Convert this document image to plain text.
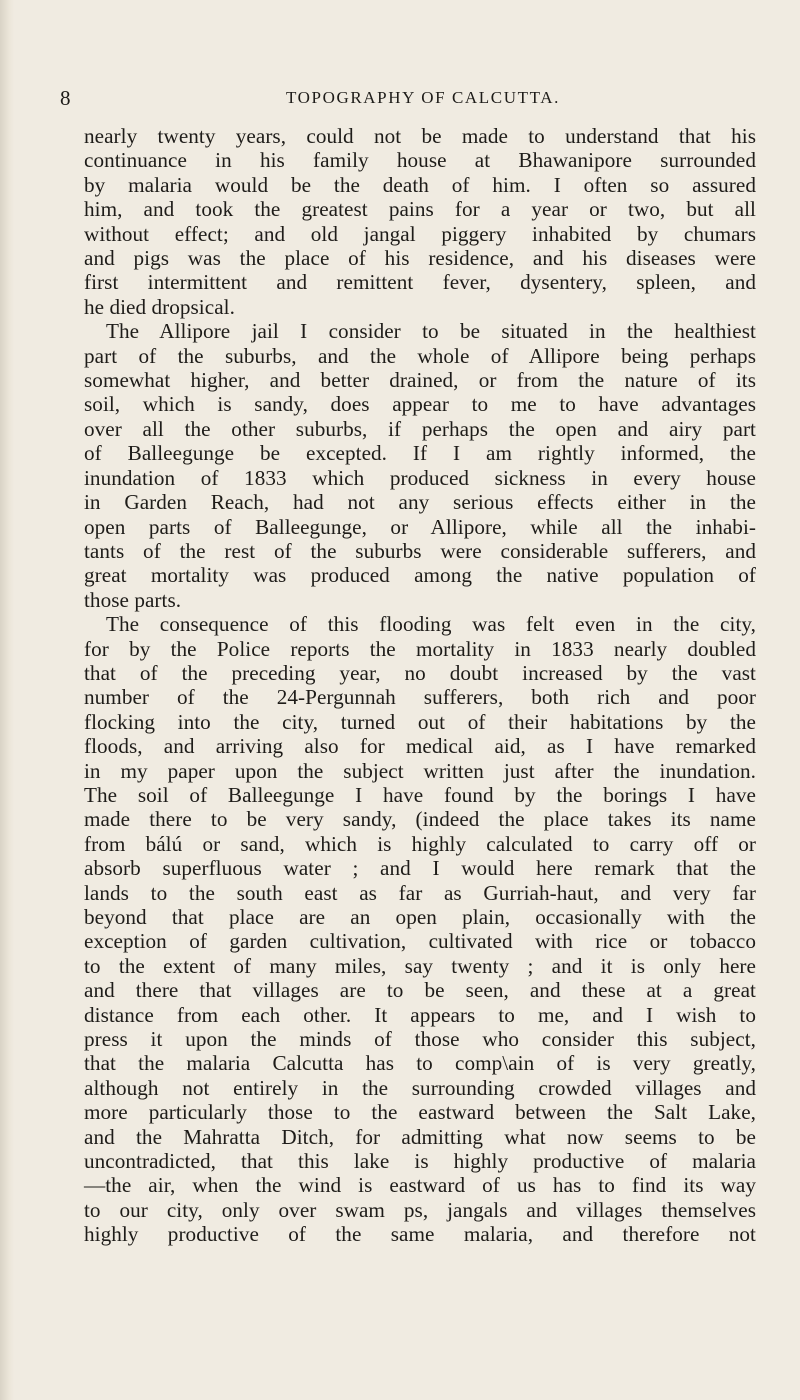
8	TOPOGRAPHY OF CALCUTTA.
nearly twenty years, could not be made to understand that his
continuance in his family house at Bhawanipore surrounded
by malaria would be the death of him. I often so assured
him, and took the greatest pains for a year or two, but all
without effect; and old jangal piggery inhabited by chumars
and pigs was the place of his residence, and his diseases were
first intermittent and remittent fever, dysentery, spleen, and
he died dropsical.
The Allipore jail I consider to be situated in the healthiest
part of the suburbs, and the whole of Allipore being perhaps
somewhat higher, and better drained, or from the nature of its
soil, which is sandy, does appear to me to have advantages
over all the other suburbs, if perhaps the open and airy part
of Balleegunge be excepted. If I am rightly informed, the
inundation of 1833 which produced sickness in every house
in Garden Reach, had not any serious effects either in the
open parts of Balleegunge, or Allipore, while all the inhabi-
tants of the rest of the suburbs were considerable sufferers, and
great mortality was produced among the native population of
those parts.
The consequence of this flooding was felt even in the city,
for by the Police reports the mortality in 1833 nearly doubled
that of the preceding year, no doubt increased by the vast
number of the 24-Pergunnah sufferers, both rich and poor
flocking into the city, turned out of their habitations by the
floods, and arriving also for medical aid, as I have remarked
in my paper upon the subject written just after the inundation.
The soil of Balleegunge I have found by the borings I have
made there to be very sandy, (indeed the place takes its name
from bálú or sand, which is highly calculated to carry off or
absorb superfluous water ; and I would here remark that the
lands to the south east as far as Gurriah-haut, and very far
beyond that place are an open plain, occasionally with the
exception of garden cultivation, cultivated with rice or tobacco
to the extent of many miles, say twenty ; and it is only here
and there that villages are to be seen, and these at a great
distance from each other. It appears to me, and I wish to
press it upon the minds of those who consider this subject,
that the malaria Calcutta has to comp\ain of is very greatly,
although not entirely in the surrounding crowded villages and
more particularly those to the eastward between the Salt Lake,
and the Mahratta Ditch, for admitting what now seems to be
uncontradicted, that this lake is highly productive of malaria
—the air, when the wind is eastward of us has to find its way
to our city, only over swam ps, jangals and villages themselves
highly productive of the same malaria, and therefore not
